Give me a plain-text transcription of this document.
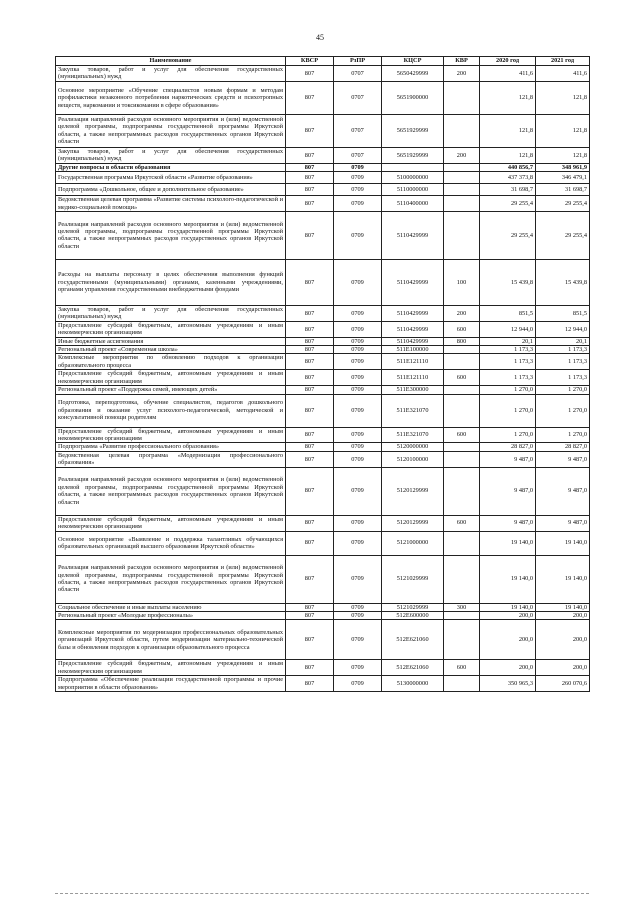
45
Наименование	КВСР	РзПР	КЦСР	КВР	2020 год	2021 год
Закупка товаров, работ и услуг для обеспечения государственных (муниципальных) нужд	807	0707	5650429999	200	411,6	411,6
Основное мероприятие «Обучение специалистов новым формам и методам профилактики незаконного потребления наркотических средств и психотропных веществ, наркомании и токсикомании в сфере образования»	807	0707	5651900000		121,8	121,8
Реализация направлений расходов основного мероприятия и (или) ведомственной целевой программы, подпрограммы государственной программы Иркутской области, а также непрограммных расходов государственных органов Иркутской области	807	0707	5651929999		121,8	121,8
Закупка товаров, работ и услуг для обеспечения государственных (муниципальных) нужд	807	0707	5651929999	200	121,8	121,8
Другие вопросы в области образования	807	0709			440 856,7	348 961,9
Государственная программа Иркутской области «Развитие образования»	807	0709	5100000000		437 373,8	346 479,1
Подпрограмма «Дошкольное, общее и дополнительное образование»	807	0709	5110000000		31 698,7	31 698,7
Ведомственная целевая программа «Развитие системы психолого-педагогической и медико-социальной помощи»	807	0709	5110400000		29 255,4	29 255,4
Реализация направлений расходов основного мероприятия и (или) ведомственной целевой программы, подпрограммы государственной программы Иркутской области, а также непрограммных расходов государственных органов Иркутской области	807	0709	5110429999		29 255,4	29 255,4
Расходы на выплаты персоналу в целях обеспечения выполнения функций государственными (муниципальными) органами, казенными учреждениями, органами управления государственными внебюджетными фондами	807	0709	5110429999	100	15 439,8	15 439,8
Закупка товаров, работ и услуг для обеспечения государственных (муниципальных) нужд	807	0709	5110429999	200	851,5	851,5
Предоставление субсидий бюджетным, автономным учреждениям и иным некоммерческим организациям	807	0709	5110429999	600	12 944,0	12 944,0
Иные бюджетные ассигнования	807	0709	5110429999	800	20,1	20,1
Региональный проект «Современная школа»	807	0709	511E100000		1 173,3	1 173,3
Комплексные мероприятия по обновлению подходов к организации образовательного процесса	807	0709	511E121110		1 173,3	1 173,3
Предоставление субсидий бюджетным, автономным учреждениям и иным некоммерческим организациям	807	0709	511E121110	600	1 173,3	1 173,3
Региональный проект «Поддержка семей, имеющих детей»	807	0709	511E300000		1 270,0	1 270,0
Подготовка, переподготовка, обучение специалистов, педагогов дошкольного образования и оказание услуг психолого-педагогической, методической и консультативной помощи родителям	807	0709	511E321070		1 270,0	1 270,0
Предоставление субсидий бюджетным, автономным учреждениям и иным некоммерческим организациям	807	0709	511E321070	600	1 270,0	1 270,0
Подпрограмма «Развитие профессионального образования»	807	0709	5120000000		28 827,0	28 827,0
Ведомственная целевая программа «Модернизация профессионального образования»	807	0709	5120100000		9 487,0	9 487,0
Реализация направлений расходов основного мероприятия и (или) ведомственной целевой программы, подпрограммы государственной программы Иркутской области, а также непрограммных расходов государственных органов Иркутской области	807	0709	5120129999		9 487,0	9 487,0
Предоставление субсидий бюджетным, автономным учреждениям и иным некоммерческим организациям	807	0709	5120129999	600	9 487,0	9 487,0
Основное мероприятие «Выявление и поддержка талантливых обучающихся образовательных организаций высшего образования Иркутской области»	807	0709	5121000000		19 140,0	19 140,0
Реализация направлений расходов основного мероприятия и (или) ведомственной целевой программы, подпрограммы государственной программы Иркутской области, а также непрограммных расходов государственных органов Иркутской области	807	0709	5121029999		19 140,0	19 140,0
Социальное обеспечение и иные выплаты населению	807	0709	5121029999	300	19 140,0	19 140,0
Региональный проект «Молодые профессионалы»	807	0709	512E600000		200,0	200,0
Комплексные мероприятия по модернизации профессиональных образовательных организаций Иркутской области, путем модернизации материально-технической базы и обновления подходов к организации образовательного процесса	807	0709	512E621060		200,0	200,0
Предоставление субсидий бюджетным, автономным учреждениям и иным некоммерческим организациям	807	0709	512E621060	600	200,0	200,0
Подпрограмма «Обеспечение реализации государственной программы и прочие мероприятия в области образования»	807	0709	5130000000		350 965,3	260 070,6
